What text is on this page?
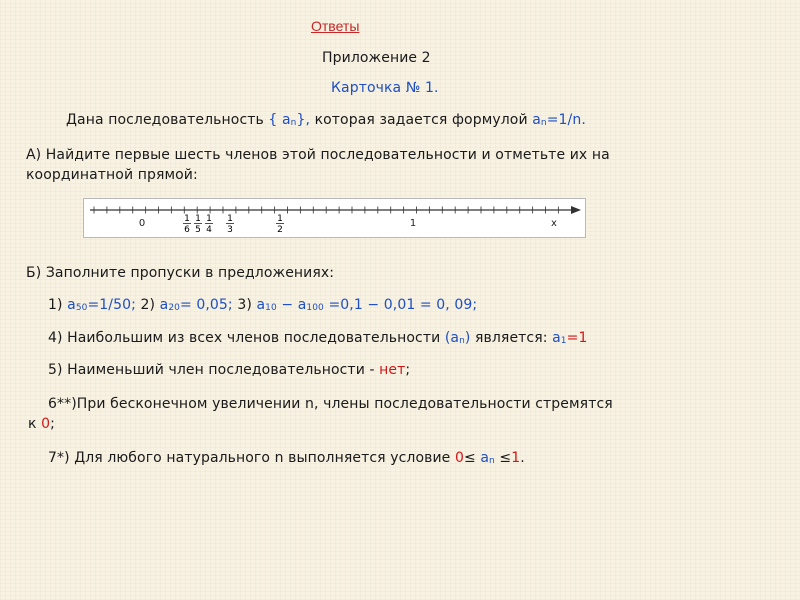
Ответы
Приложение 2
Карточка № 1.
Дана последовательность { $a_n$}, которая задается формулой $a_n=1/n$.
А) Найдите первые шесть членов этой последовательности и отметьте их на
координатной прямой:
0	1	x
1
6
1
5
1
4
1
3
1
2
Б) Заполните пропуски в предложениях:
1) $a_{50}=1/50$; 2) $a_{20}= 0,05$; 3) $a_{10} - a_{100} =0,1 - 0,01 = 0$, 09;
4) Наибольшим из всех членов последовательности $(a_n)$ является: $a_1=1$
5) Наименьший член последовательности - нет;
6**)При бесконечном увеличении n, члены последовательности стремятся
к 0;
7*) Для любого натурального n выполняется условие $0\le a_n \le 1$.
